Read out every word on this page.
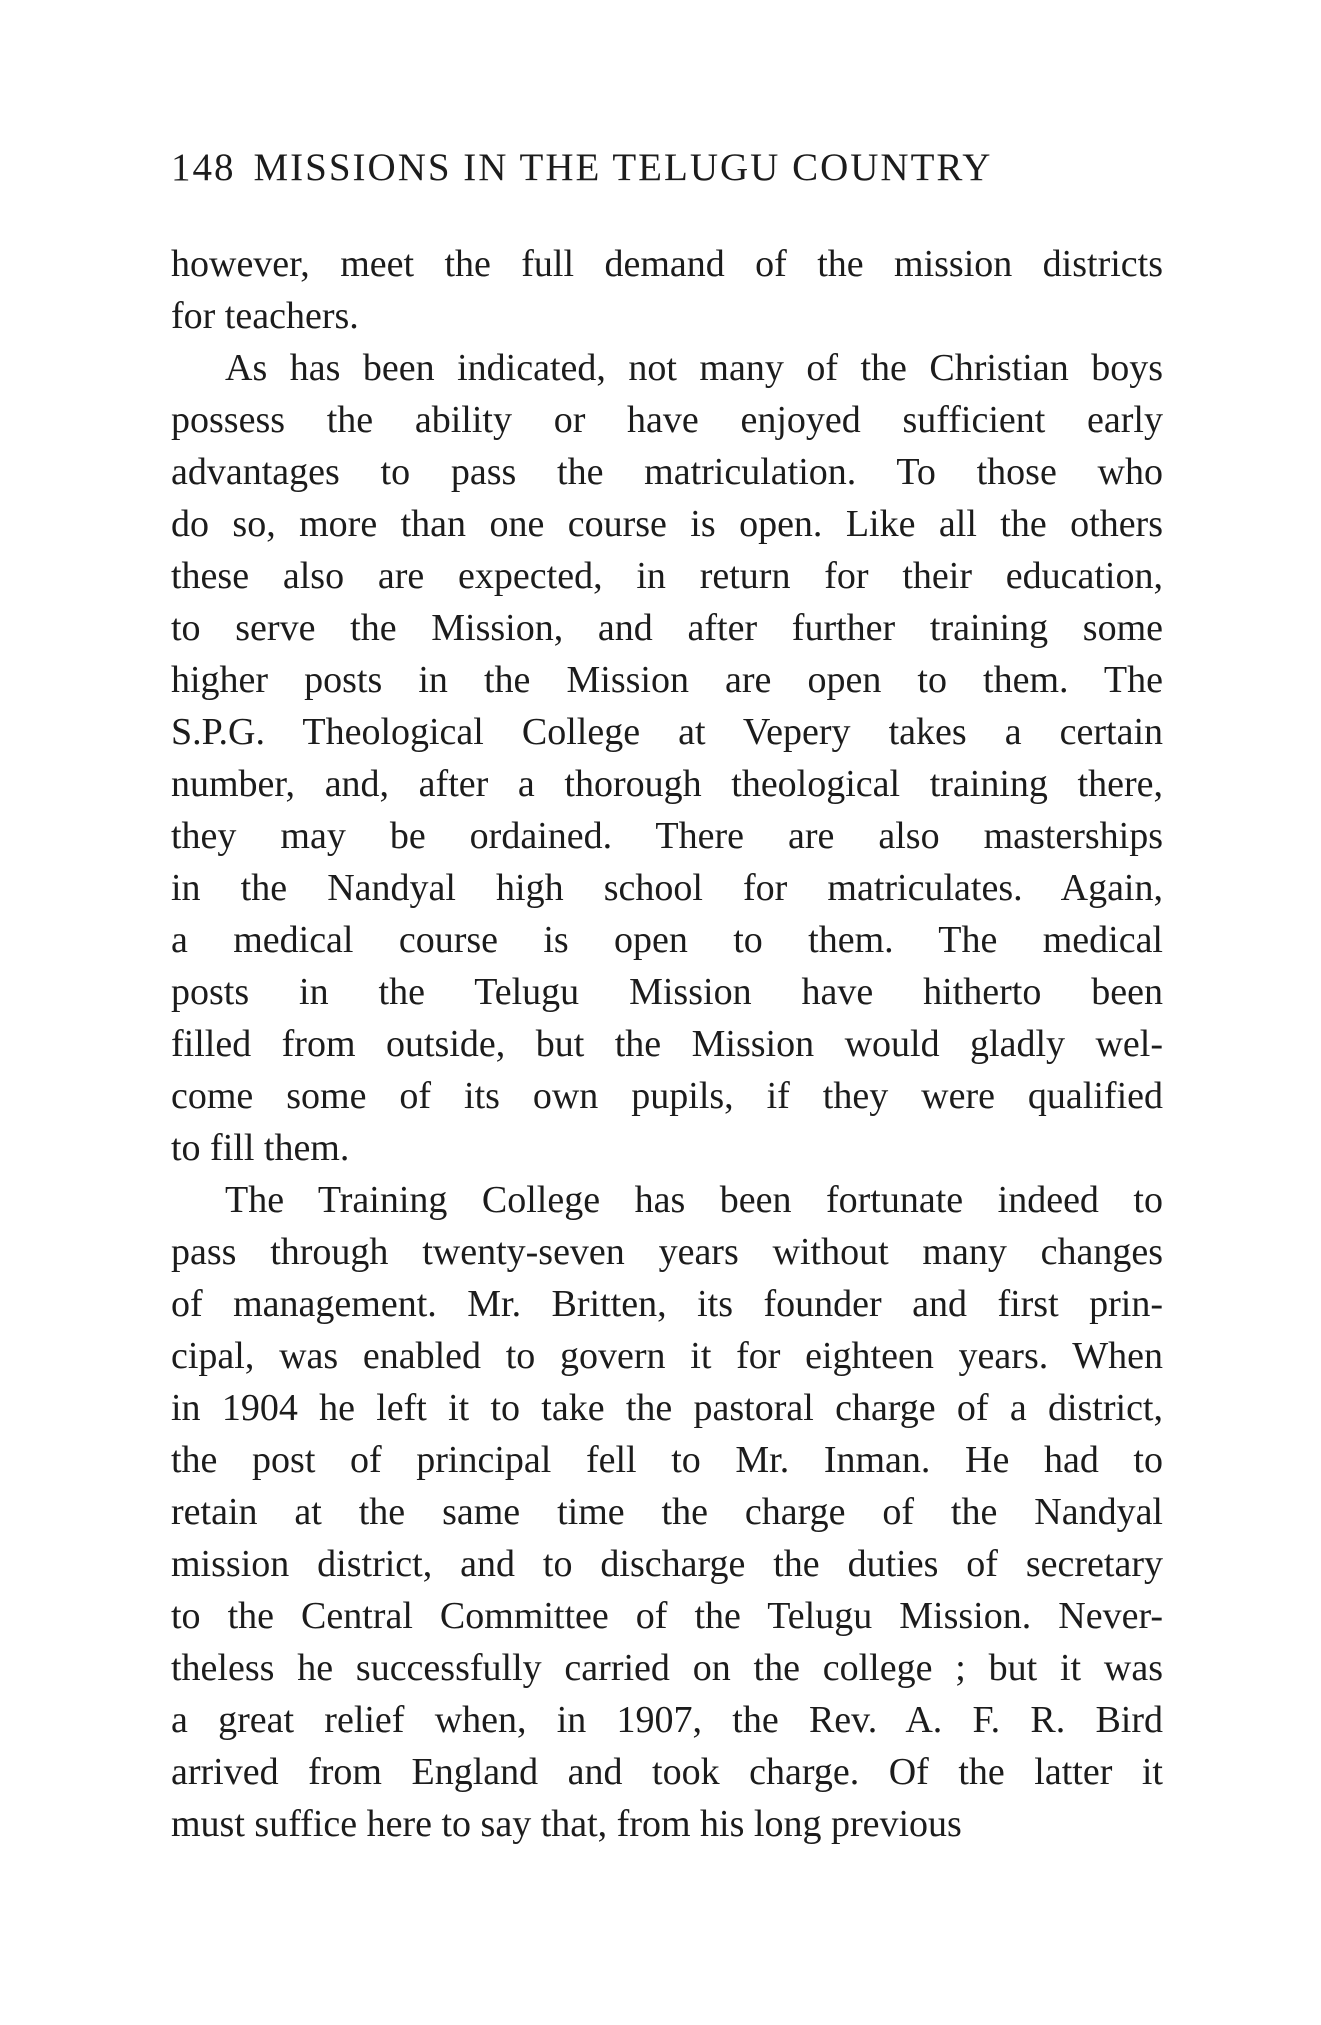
148 MISSIONS IN THE TELUGU COUNTRY
however, meet the full demand of the mission districts
for teachers.
As has been indicated, not many of the Christian boys
possess the ability or have enjoyed sufficient early
advantages to pass the matriculation. To those who
do so, more than one course is open. Like all the others
these also are expected, in return for their education,
to serve the Mission, and after further training some
higher posts in the Mission are open to them. The
S.P.G. Theological College at Vepery takes a certain
number, and, after a thorough theological training there,
they may be ordained. There are also masterships
in the Nandyal high school for matriculates. Again,
a medical course is open to them. The medical
posts in the Telugu Mission have hitherto been
filled from outside, but the Mission would gladly wel-
come some of its own pupils, if they were qualified
to fill them.
The Training College has been fortunate indeed to
pass through twenty-seven years without many changes
of management. Mr. Britten, its founder and first prin-
cipal, was enabled to govern it for eighteen years. When
in 1904 he left it to take the pastoral charge of a district,
the post of principal fell to Mr. Inman. He had to
retain at the same time the charge of the Nandyal
mission district, and to discharge the duties of secretary
to the Central Committee of the Telugu Mission. Never-
theless he successfully carried on the college ; but it was
a great relief when, in 1907, the Rev. A. F. R. Bird
arrived from England and took charge. Of the latter it
must suffice here to say that, from his long previous
